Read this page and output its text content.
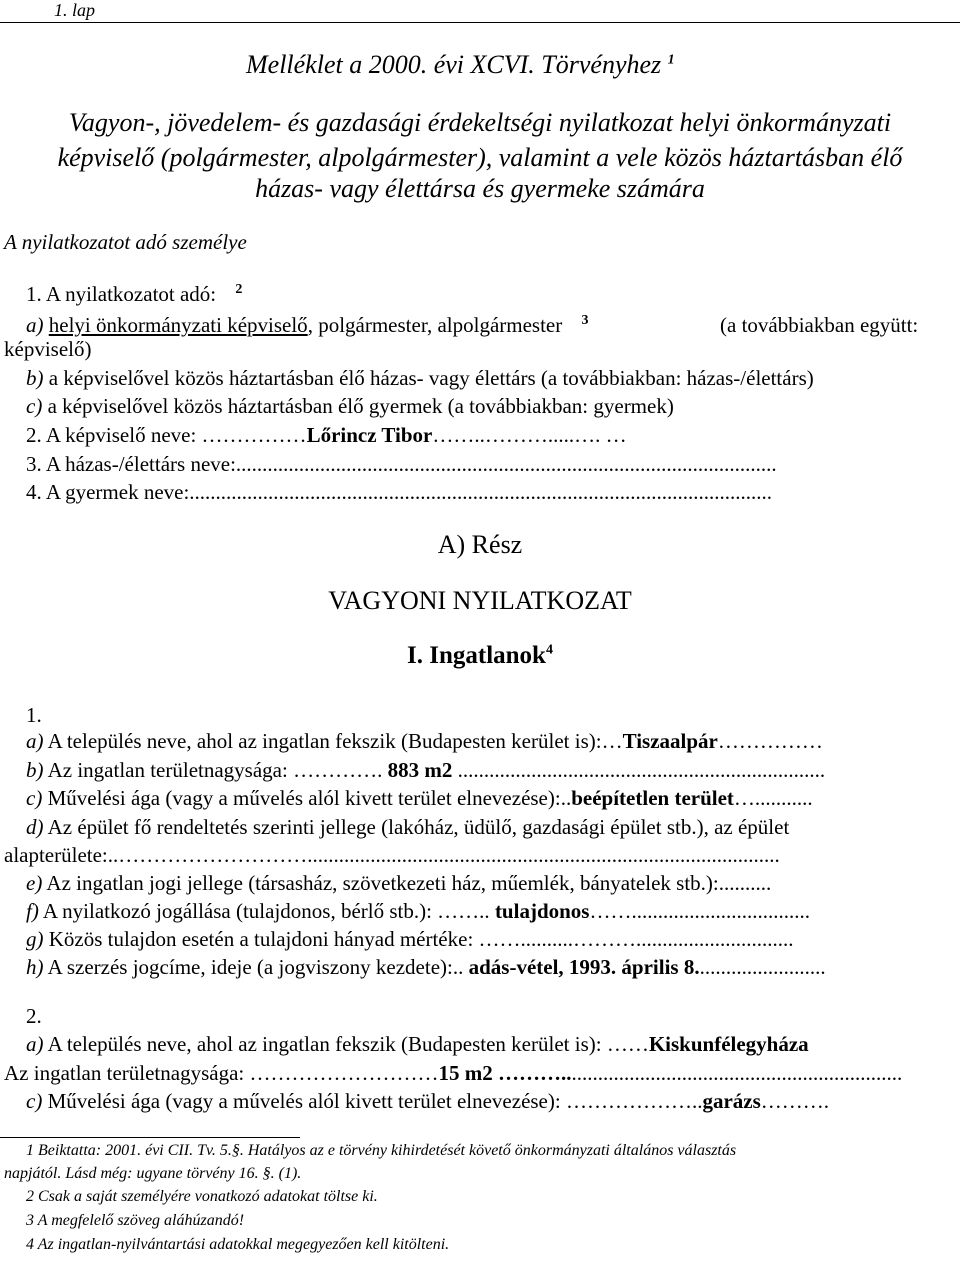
1. lap
Melléklet a 2000. évi XCVI. Törvényhez $^1$
Vagyon-, jövedelem- és gazdasági érdekeltségi nyilatkozat helyi önkormányzati
képviselő (polgármester, alpolgármester), valamint a vele közös háztartásban élő
házas- vagy élettársa és gyermeke számára
A nyilatkozatot adó személye
1. A nyilatkozatot adó: $^2$
a) helyi önkormányzati képviselő, polgármester, alpolgármester $^3$	(a továbbiakban együtt:
képviselő)
b) a képviselővel közös háztartásban élő házas- vagy élettárs (a továbbiakban: házas-/élettárs)
c) a képviselővel közös háztartásban élő gyermek (a továbbiakban: gyermek)
2. A képviselő neve: ……………Lőrincz Tibor……..……….....…. …
3. A házas-/élettárs neve:.......................................................................................................
4. A gyermek neve:...............................................................................................................
A) Rész
VAGYONI NYILATKOZAT
I. Ingatlanok$^4$
1.
a) A település neve, ahol az ingatlan fekszik (Budapesten kerület is):…Tiszaalpár……………
b) Az ingatlan területnagysága: …………. 883 m2 ......................................................................
c) Művelési ága (vagy a művelés alól kivett terület elnevezése):..beépítetlen terület…...........
d) Az épület fő rendeltetés szerinti jellege (lakóház, üdülő, gazdasági épület stb.), az épület
alapterülete:..………………………..........................................................................................
e) Az ingatlan jogi jellege (társasház, szövetkezeti ház, műemlék, bányatelek stb.):..........
f) A nyilatkozó jogállása (tulajdonos, bérlő stb.): …….. tulajdonos……..................................
g) Közös tulajdon esetén a tulajdoni hányad mértéke: ……..........………..............................
h) A szerzés jogcíme, ideje (a jogviszony kezdete):.. adás-vétel, 1993. április 8.........................
2.
a) A település neve, ahol az ingatlan fekszik (Budapesten kerület is): ……Kiskunfélegyháza
Az ingatlan területnagysága: ………………………15 m2 ……….................................................................
c) Művelési ága (vagy a művelés alól kivett terület elnevezése): ………………..garázs……….
1 Beiktatta: 2001. évi CII. Tv. 5.§. Hatályos az e törvény kihirdetését követő önkormányzati általános választás
napjától. Lásd még: ugyane törvény 16. §. (1).
2 Csak a saját személyére vonatkozó adatokat töltse ki.
3 A megfelelő szöveg aláhúzandó!
4 Az ingatlan-nyilvántartási adatokkal megegyezően kell kitölteni.
